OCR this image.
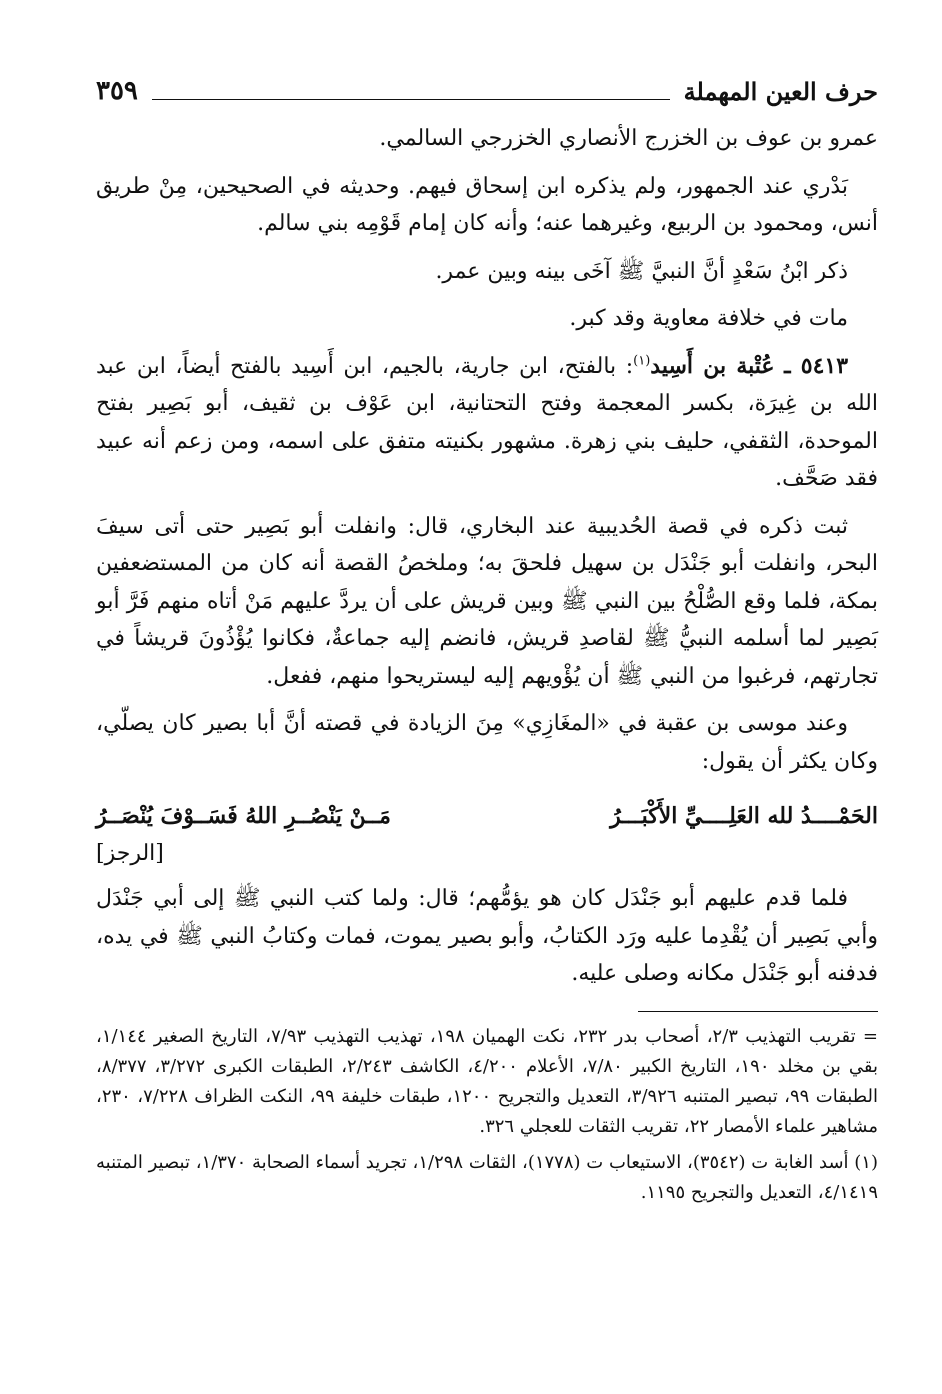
حرف العين المهملة
٣٥٩

عمرو بن عوف بن الخزرج الأنصاري الخزرجي السالمي.

بَدْري عند الجمهور، ولم يذكره ابن إسحاق فيهم. وحديثه في الصحيحين، مِنْ طريق أنس، ومحمود بن الربيع، وغيرهما عنه؛ وأنه كان إمام قَوْمِه بني سالم.

ذكر ابْنُ سَعْدٍ أنَّ النبيَّ ﷺ آخَى بينه وبين عمر.

مات في خلافة معاوية وقد كبر.

٥٤١٣ ـ عُتْبة بن أَسِيد$^{(١)}$: بالفتح، ابن جارية، بالجيم، ابن أَسِيد بالفتح أيضاً، ابن عبد الله بن غِيرَة، بكسر المعجمة وفتح التحتانية، ابن عَوْف بن ثقيف، أبو بَصِير بفتح الموحدة، الثقفي، حليف بني زهرة. مشهور بكنيته متفق على اسمه، ومن زعم أنه عبيد فقد صَحَّف.

ثبت ذكره في قصة الحُديبية عند البخاري، قال: وانفلت أبو بَصِير حتى أتى سيفَ البحر، وانفلت أبو جَنْدَل بن سهيل فلحقَ به؛ وملخصُ القصة أنه كان من المستضعفين بمكة، فلما وقع الصُّلْحُ بين النبي ﷺ وبين قريش على أن يردَّ عليهم مَنْ أتاه منهم فَرَّ أبو بَصِير لما أسلمه النبيُّ ﷺ لقاصدِ قريش، فانضم إليه جماعةٌ، فكانوا يُؤْذُونَ قريشاً في تجارتهم، فرغبوا من النبي ﷺ أن يُؤْويهم إليه ليستريحوا منهم، ففعل.

وعند موسى بن عقبة في «المغَازِي» مِنَ الزيادة في قصته أنَّ أبا بصير كان يصلّي، وكان يكثر أن يقول:

الحَمْــــدُ لله العَلِــــيِّ الأَكْبَـــرُ
مَــنْ يَنْصُــرِ اللهُ فَسَــوْفَ يُنْصَــرُ
[الرجز]

فلما قدم عليهم أبو جَنْدَل كان هو يؤمُّهم؛ قال: ولما كتب النبي ﷺ إلى أبي جَنْدَل وأبي بَصِير أن يُقْدِما عليه ورَد الكتابُ، وأبو بصير يموت، فمات وكتابُ النبي ﷺ في يده، فدفنه أبو جَنْدَل مكانه وصلى عليه.

= تقريب التهذيب ٢/٣، أصحاب بدر ٢٣٢، نكت الهميان ١٩٨، تهذيب التهذيب ٧/٩٣، التاريخ الصغير ١/١٤٤، بقي بن مخلد ١٩٠، التاريخ الكبير ٧/٨٠، الأعلام ٤/٢٠٠، الكاشف ٢/٢٤٣، الطبقات الكبرى ٣/٢٧٢، ٨/٣٧٧، الطبقات ٩٩، تبصير المتنبه ٣/٩٢٦، التعديل والتجريح ١٢٠٠، طبقات خليفة ٩٩، النكت الظراف ٧/٢٢٨، ٢٣٠، مشاهير علماء الأمصار ٢٢، تقريب الثقات للعجلي ٣٢٦.

(١) أسد الغابة ت (٣٥٤٢)، الاستيعاب ت (١٧٧٨)، الثقات ١/٢٩٨، تجريد أسماء الصحابة ١/٣٧٠، تبصير المتنبه ٤/١٤١٩، التعديل والتجريح ١١٩٥.
